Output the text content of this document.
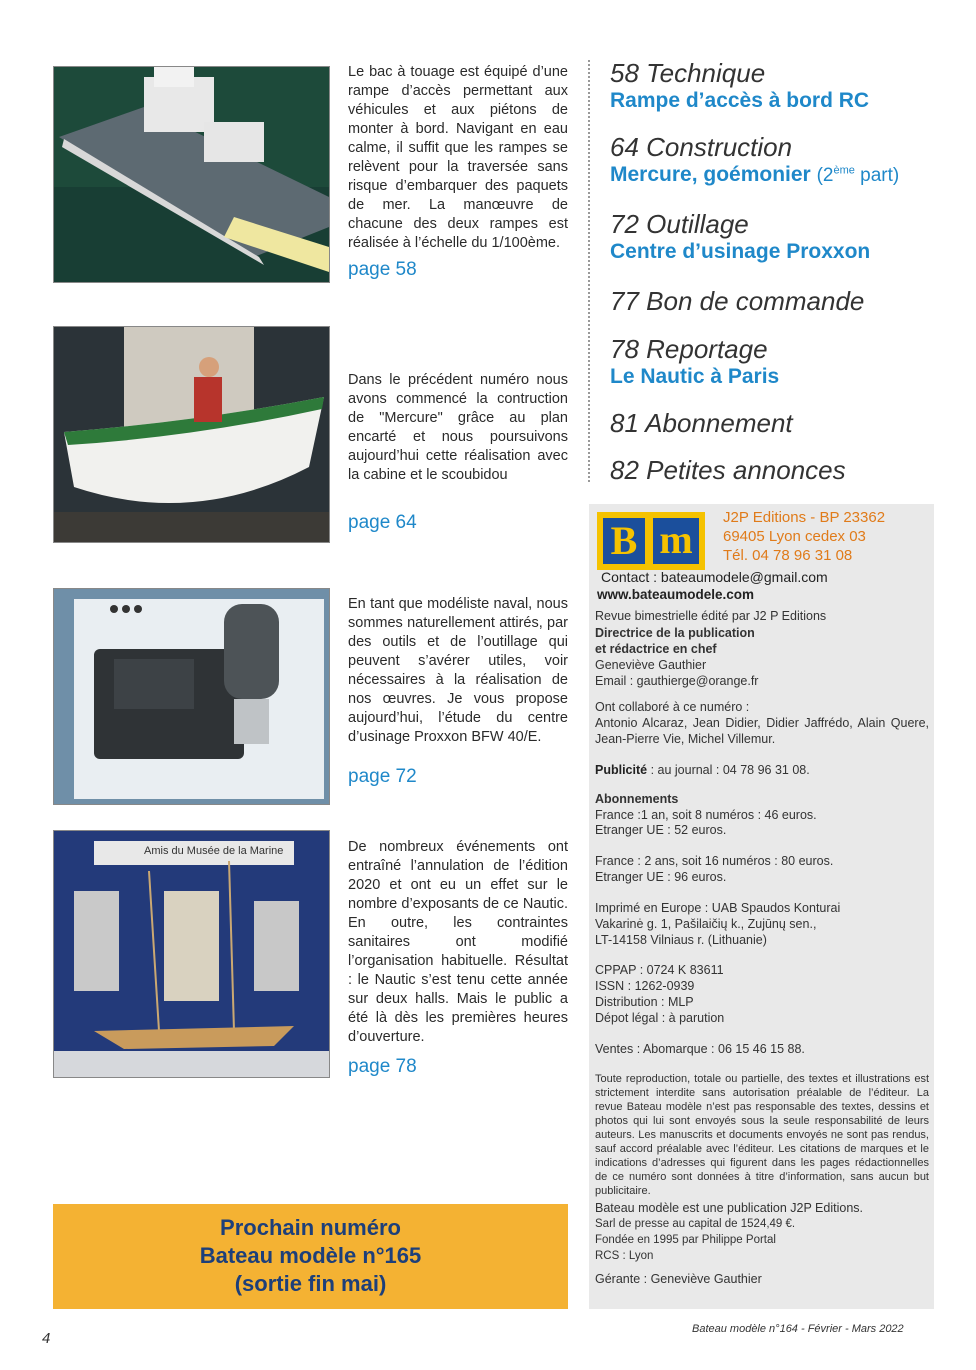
Amis du Musée de la Marine
Le bac à touage est équipé d’une rampe d’accès permettant aux véhicules et aux piétons de monter à bord. Navigant en eau calme, il suffit que les rampes se relèvent pour la traversée sans risque d’embarquer des paquets de mer. La manœuvre de chacune des deux rampes est réalisée à l’échelle du 1/100ème.
page 58
Dans le précédent numéro nous avons commencé la contruction de "Mercure" grâce au plan encarté et nous poursuivons aujourd’hui cette réalisation avec la cabine et le scoubidou
page 64
En tant que modéliste naval, nous sommes naturellement attirés, par des outils et de l’outillage qui peuvent s’avérer utiles, voir nécessaires à la réalisation de nos œuvres. Je vous propose aujourd’hui, l’étude du centre d’usinage Proxxon BFW 40/E.
page 72
De nombreux événements ont entraîné l’annulation de l’édition 2020 et ont eu un effet sur le nombre d’exposants de ce Nautic. En outre, les contraintes sanitaires ont modifié l’organisation habituelle. Résultat : le Nautic s’est tenu cette année sur deux halls. Mais le public a été là dès les premières heures d’ouverture.
page 78
58 Technique
Rampe d’accès à bord RC
64 Construction
Mercure, goémonier (2ème part)
72 Outillage
Centre d’usinage Proxxon
77 Bon de commande
78 Reportage
Le Nautic à Paris
81 Abonnement
82 Petites annonces
B m	J2P Editions - BP 23362
69405 Lyon cedex 03
Tél. 04 78 96 31 08
Contact : bateaumodele@gmail.com
www.bateaumodele.com
Revue bimestrielle édité par J2 P Editions
Directrice de la publication
et rédactrice en chef
Geneviève Gauthier
Email : gauthierge@orange.fr
Ont collaboré à ce numéro :
Antonio Alcaraz, Jean Didier, Didier Jaffrédo, Alain Quere, Jean-Pierre Vie, Michel Villemur.
Publicité : au journal : 04 78 96 31 08.
Abonnements
France :1 an, soit 8 numéros : 46 euros.
Etranger UE : 52 euros.
France : 2 ans, soit 16 numéros : 80 euros.
Etranger UE : 96 euros.
Imprimé en Europe : UAB Spaudos Konturai
Vakarinė g. 1, Pašilaičių k., Zujūnų sen.,
LT-14158 Vilniaus r. (Lithuanie)
CPPAP : 0724 K 83611
ISSN : 1262-0939
Distribution : MLP
Dépot légal : à parution
Ventes : Abomarque : 06 15 46 15 88.
Toute reproduction, totale ou partielle, des textes et illustrations est strictement interdite sans autorisation préalable de l’éditeur. La revue Bateau modèle n’est pas responsable des textes, dessins et photos qui lui sont envoyés sous la seule responsabilité de leurs auteurs. Les manuscrits et documents envoyés ne sont pas rendus, sauf accord préalable avec l’éditeur. Les citations de marques et le indications d’adresses qui figurent dans les pages rédactionnelles de ce numéro sont données à titre d’information, sans aucun but publicitaire.
Bateau modèle est une publication J2P Editions.
Sarl de presse au capital de 1524,49 €.
Fondée en 1995 par Philippe Portal
RCS : Lyon
Gérante : Geneviève Gauthier
Prochain numéro
Bateau modèle n°165
(sortie fin mai)
4
Bateau modèle n°164 - Février - Mars 2022
